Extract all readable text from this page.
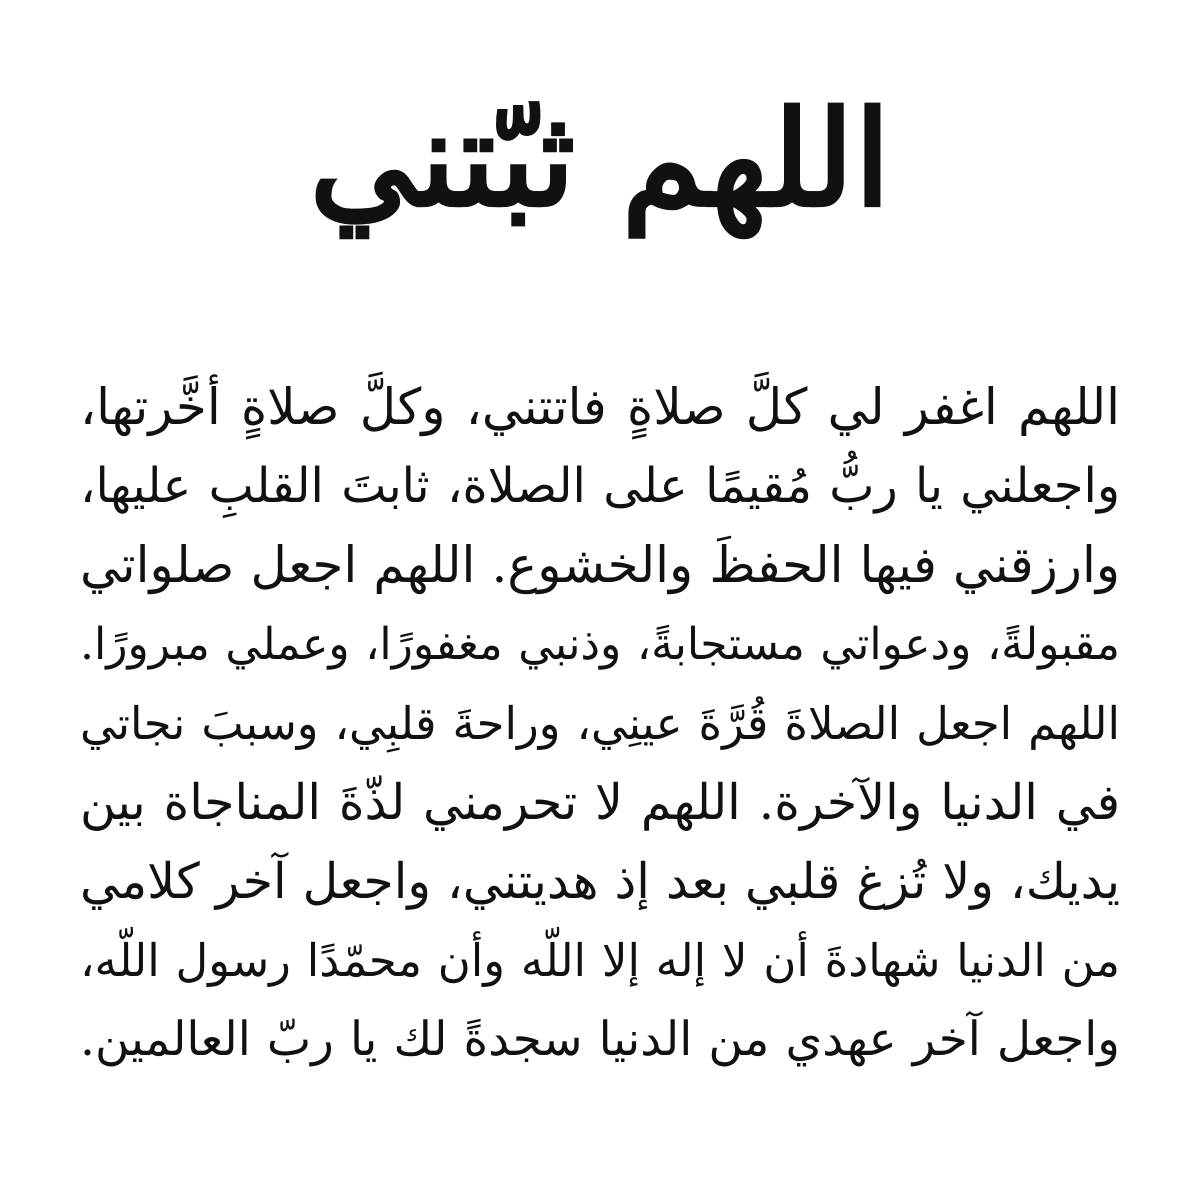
اللهم ثبّتني
اللهم اغفر لي كلَّ صلاةٍ فاتتني، وكلَّ صلاةٍ أخَّرتها،
واجعلني يا ربُّ مُقيمًا على الصلاة، ثابتَ القلبِ عليها،
وارزقني فيها الحفظَ والخشوع. اللهم اجعل صلواتي
مقبولةً، ودعواتي مستجابةً، وذنبي مغفورًا، وعملي مبرورًا.
اللهم اجعل الصلاةَ قُرَّةَ عينِي، وراحةَ قلبِي، وسببَ نجاتي
في الدنيا والآخرة. اللهم لا تحرمني لذّةَ المناجاة بين
يديك، ولا تُزغ قلبي بعد إذ هديتني، واجعل آخر كلامي
من الدنيا شهادةَ أن لا إله إلا اللّه وأن محمّدًا رسول اللّه،
واجعل آخر عهدي من الدنيا سجدةً لك يا ربّ العالمين.
